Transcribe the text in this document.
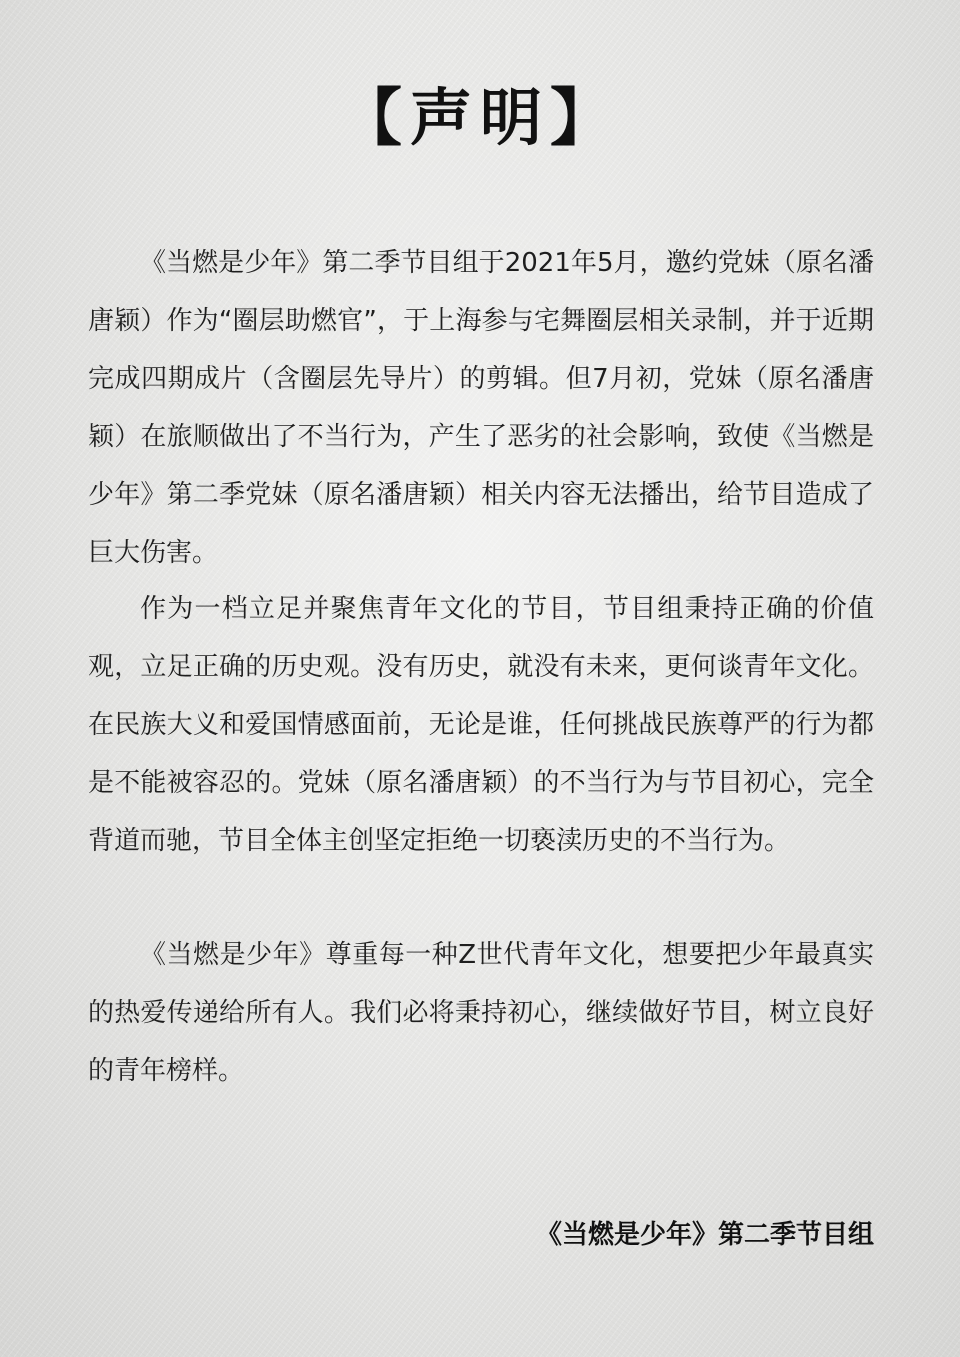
【声明】

《当燃是少年》第二季节目组于2021年5月，邀约党妹（原名潘唐颖）作为“圈层助燃官”，于上海参与宅舞圈层相关录制，并于近期完成四期成片（含圈层先导片）的剪辑。但7月初，党妹（原名潘唐颖）在旅顺做出了不当行为，产生了恶劣的社会影响，致使《当燃是少年》第二季党妹（原名潘唐颖）相关内容无法播出，给节目造成了巨大伤害。

作为一档立足并聚焦青年文化的节目，节目组秉持正确的价值观，立足正确的历史观。没有历史，就没有未来，更何谈青年文化。在民族大义和爱国情感面前，无论是谁，任何挑战民族尊严的行为都是不能被容忍的。党妹（原名潘唐颖）的不当行为与节目初心，完全背道而驰，节目全体主创坚定拒绝一切亵渎历史的不当行为。

《当燃是少年》尊重每一种Z世代青年文化，想要把少年最真实的热爱传递给所有人。我们必将秉持初心，继续做好节目，树立良好的青年榜样。

《当燃是少年》第二季节目组
